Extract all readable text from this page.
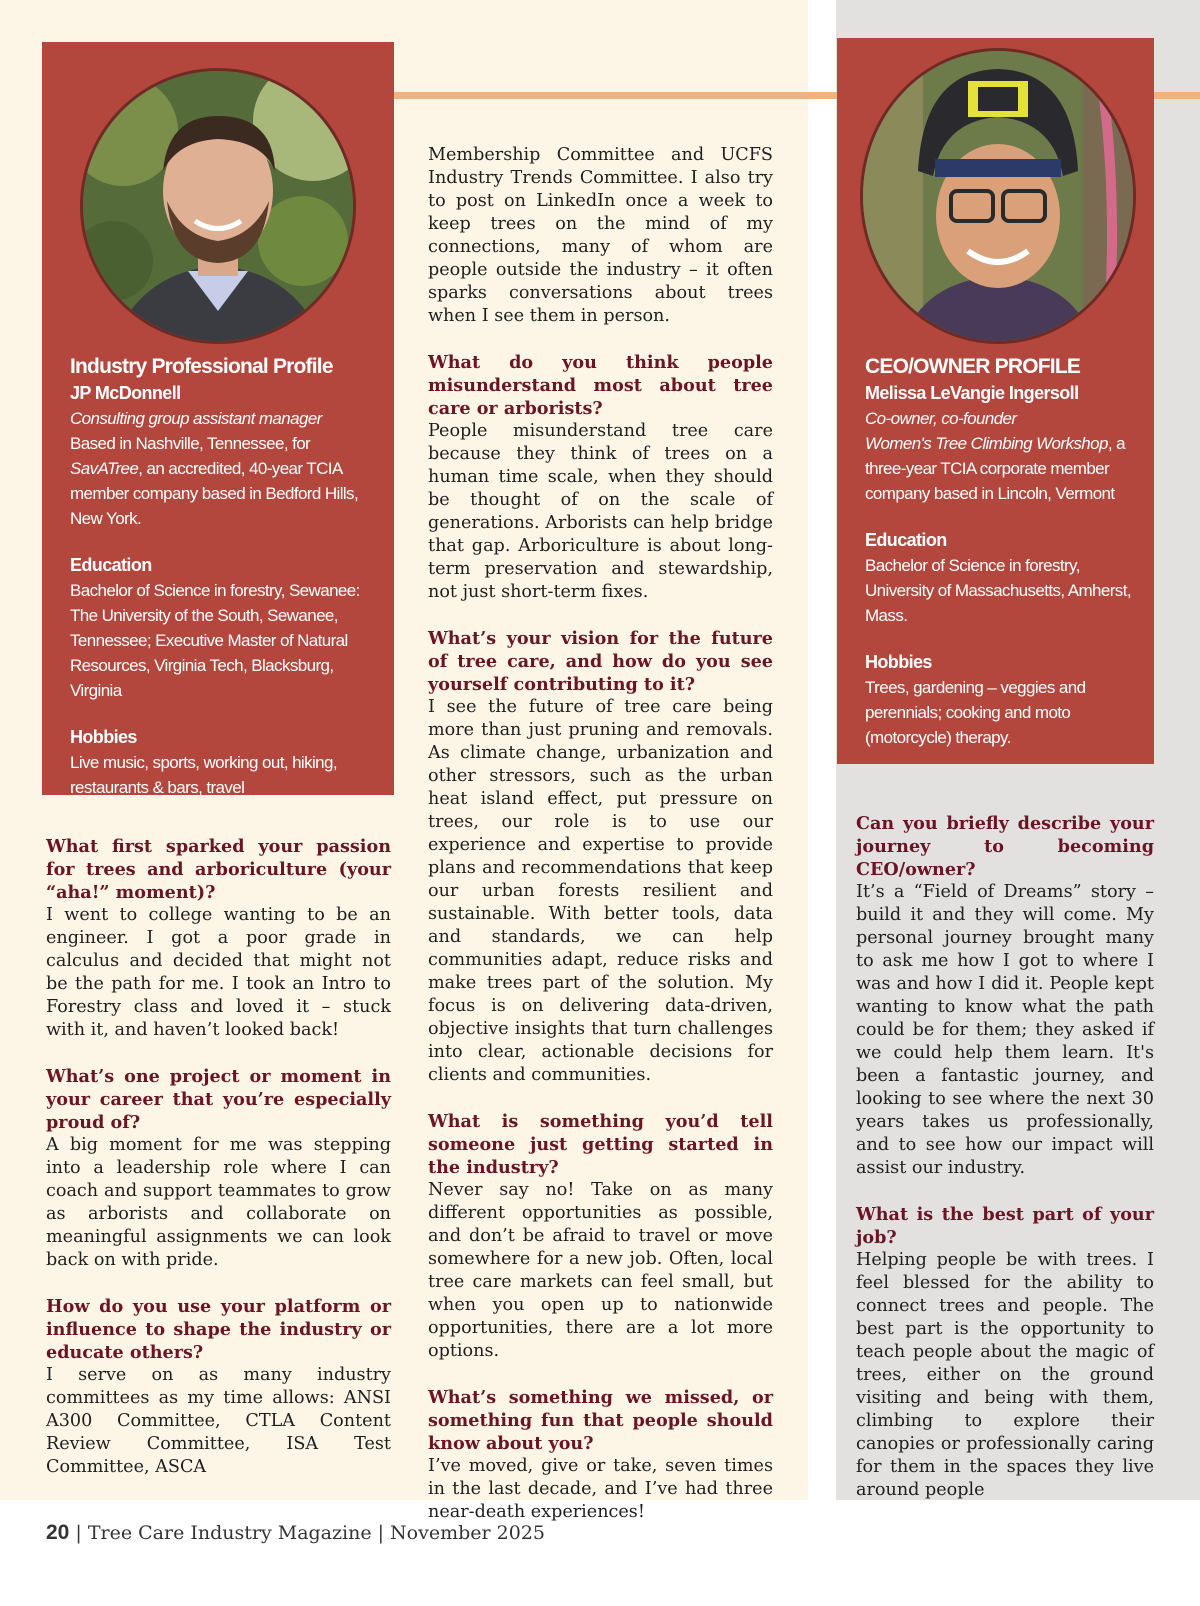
Industry Professional Profile
JP McDonnell
Consulting group assistant manager
Based in Nashville, Tennessee, for SavATree, an accredited, 40-year TCIA member company based in Bedford Hills, New York.
Education
Bachelor of Science in forestry, Sewanee: The University of the South, Sewanee, Tennessee; Executive Master of Natural Resources, Virginia Tech, Blacksburg, Virginia
Hobbies
Live music, sports, working out, hiking, restaurants & bars, travel
CEO/OWNER PROFILE
Melissa LeVangie Ingersoll
Co-owner, co-founder
Women's Tree Climbing Workshop, a three-year TCIA corporate member company based in Lincoln, Vermont
Education
Bachelor of Science in forestry, University of Massachusetts, Amherst, Mass.
Hobbies
Trees, gardening – veggies and perennials; cooking and moto (motorcycle) therapy.

What first sparked your passion for trees and arboriculture (your “aha!” moment)?
I went to college wanting to be an engineer. I got a poor grade in calculus and decided that might not be the path for me. I took an Intro to Forestry class and loved it – stuck with it, and haven’t looked back!

What’s one project or moment in your career that you’re especially proud of?
A big moment for me was stepping into a leadership role where I can coach and support teammates to grow as arborists and collaborate on meaningful assignments we can look back on with pride.

How do you use your platform or influence to shape the industry or educate others?
I serve on as many industry committees as my time allows: ANSI A300 Committee, CTLA Content Review Committee, ISA Test Committee, ASCA

Membership Committee and UCFS Industry Trends Committee. I also try to post on LinkedIn once a week to keep trees on the mind of my connections, many of whom are people outside the industry – it often sparks conversations about trees when I see them in person.

What do you think people misunderstand most about tree care or arborists?
People misunderstand tree care because they think of trees on a human time scale, when they should be thought of on the scale of generations. Arborists can help bridge that gap. Arboriculture is about long-term preservation and stewardship, not just short-term fixes.

What’s your vision for the future of tree care, and how do you see yourself contributing to it?
I see the future of tree care being more than just pruning and removals. As climate change, urbanization and other stressors, such as the urban heat island effect, put pressure on trees, our role is to use our experience and expertise to provide plans and recommendations that keep our urban forests resilient and sustainable. With better tools, data and standards, we can help communities adapt, reduce risks and make trees part of the solution. My focus is on delivering data-driven, objective insights that turn challenges into clear, actionable decisions for clients and communities.

What is something you’d tell someone just getting started in the industry?
Never say no! Take on as many different opportunities as possible, and don’t be afraid to travel or move somewhere for a new job. Often, local tree care markets can feel small, but when you open up to nationwide opportunities, there are a lot more options.

What’s something we missed, or something fun that people should know about you?
I’ve moved, give or take, seven times in the last decade, and I’ve had three near-death experiences!

Can you briefly describe your journey to becoming CEO/owner?
It’s a “Field of Dreams” story – build it and they will come. My personal journey brought many to ask me how I got to where I was and how I did it. People kept wanting to know what the path could be for them; they asked if we could help them learn. It's been a fantastic journey, and looking to see where the next 30 years takes us professionally, and to see how our impact will assist our industry.

What is the best part of your job?
Helping people be with trees. I feel blessed for the ability to connect trees and people. The best part is the opportunity to teach people about the magic of trees, either on the ground visiting and being with them, climbing to explore their canopies or professionally caring for them in the spaces they live around people

20 | Tree Care Industry Magazine | November 2025
